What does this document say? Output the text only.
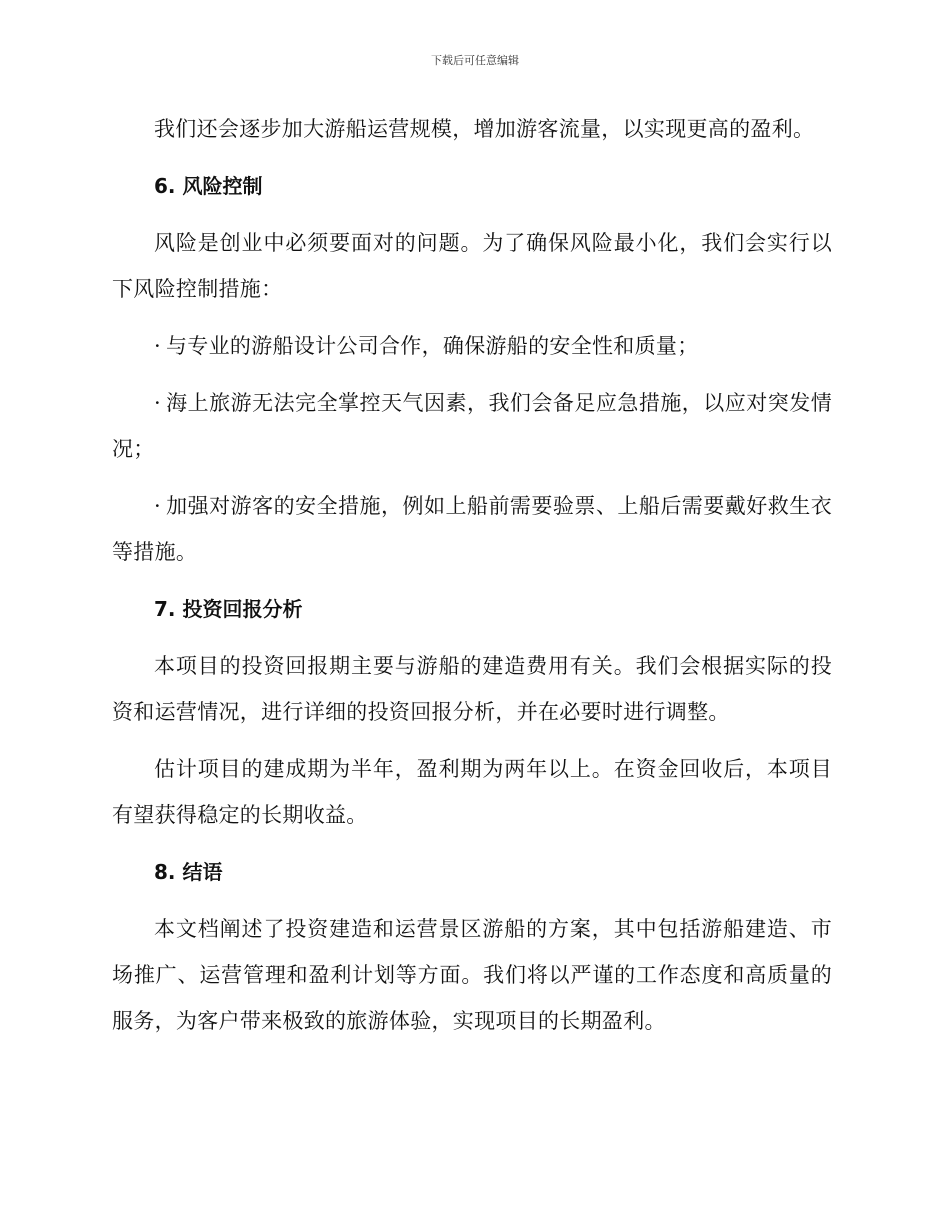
下载后可任意编辑

我们还会逐步加大游船运营规模，增加游客流量，以实现更高的盈利。

6. 风险控制

风险是创业中必须要面对的问题。为了确保风险最小化，我们会实行以下风险控制措施：

· 与专业的游船设计公司合作，确保游船的安全性和质量；

· 海上旅游无法完全掌控天气因素，我们会备足应急措施，以应对突发情况；

· 加强对游客的安全措施，例如上船前需要验票、上船后需要戴好救生衣等措施。

7. 投资回报分析

本项目的投资回报期主要与游船的建造费用有关。我们会根据实际的投资和运营情况，进行详细的投资回报分析，并在必要时进行调整。

估计项目的建成期为半年，盈利期为两年以上。在资金回收后，本项目有望获得稳定的长期收益。

8. 结语

本文档阐述了投资建造和运营景区游船的方案，其中包括游船建造、市场推广、运营管理和盈利计划等方面。我们将以严谨的工作态度和高质量的服务，为客户带来极致的旅游体验，实现项目的长期盈利。
